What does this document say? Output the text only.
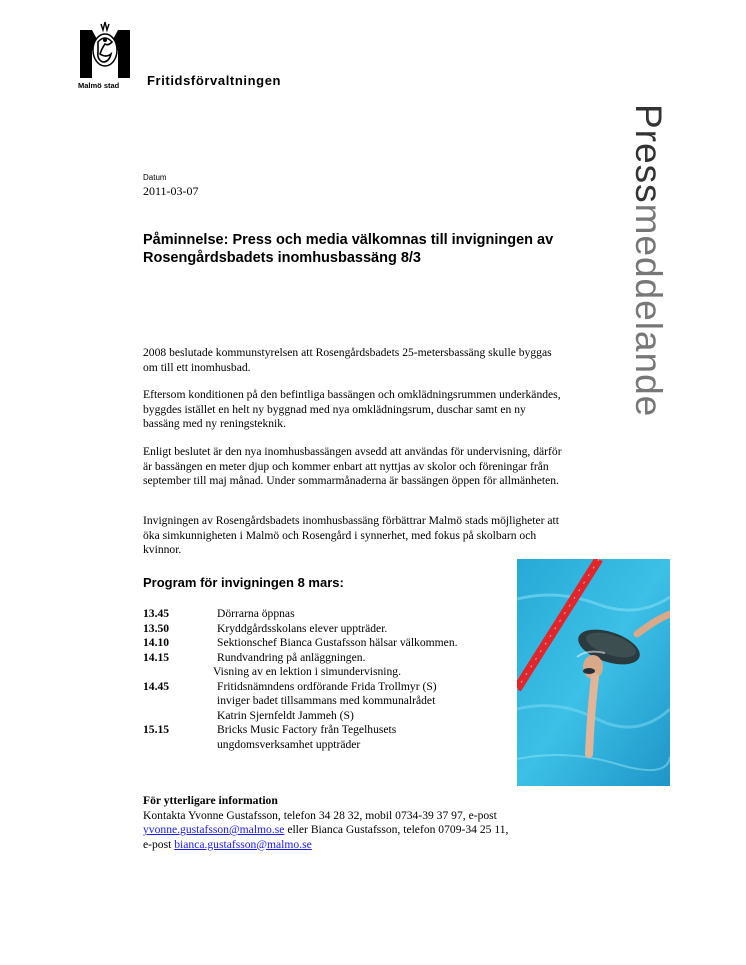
Malmö stad Fritidsförvaltningen
Pressmeddelande
Datum
2011-03-07
Påminnelse: Press och media välkomnas till invigningen av Rosengårdsbadets inomhusbassäng 8/3
2008 beslutade kommunstyrelsen att Rosengårdsbadets 25-metersbassäng skulle byggas om till ett inomhusbad.
Eftersom konditionen på den befintliga bassängen och omklädningsrummen underkändes, byggdes istället en helt ny byggnad med nya omklädningsrum, duschar samt en ny bassäng med ny reningsteknik.
Enligt beslutet är den nya inomhusbassängen avsedd att användas för undervisning, därför är bassängen en meter djup och kommer enbart att nyttjas av skolor och föreningar från september till maj månad. Under sommarmånaderna är bassängen öppen för allmänheten.
Invigningen av Rosengårdsbadets inomhusbassäng förbättrar Malmö stads möjligheter att öka simkunnigheten i Malmö och Rosengård i synnerhet, med fokus på skolbarn och kvinnor.
Program för invigningen 8 mars:
13.45	Dörrarna öppnas
13.50	Kryddgårdsskolans elever uppträder.
14.10	Sektionschef Bianca Gustafsson hälsar välkommen.
14.15	Rundvandring på anläggningen.
Visning av en lektion i simundervisning.
14.45	Fritidsnämndens ordförande Frida Trollmyr (S)
inviger badet tillsammans med kommunalrådet
Katrin Sjernfeldt Jammeh (S)
15.15	Bricks Music Factory från Tegelhusets
ungdomsverksamhet uppträder
För ytterligare information
Kontakta Yvonne Gustafsson, telefon 34 28 32, mobil 0734-39 37 97, e-post
yvonne.gustafsson@malmo.se eller Bianca Gustafsson, telefon 0709-34 25 11,
e-post bianca.gustafsson@malmo.se
